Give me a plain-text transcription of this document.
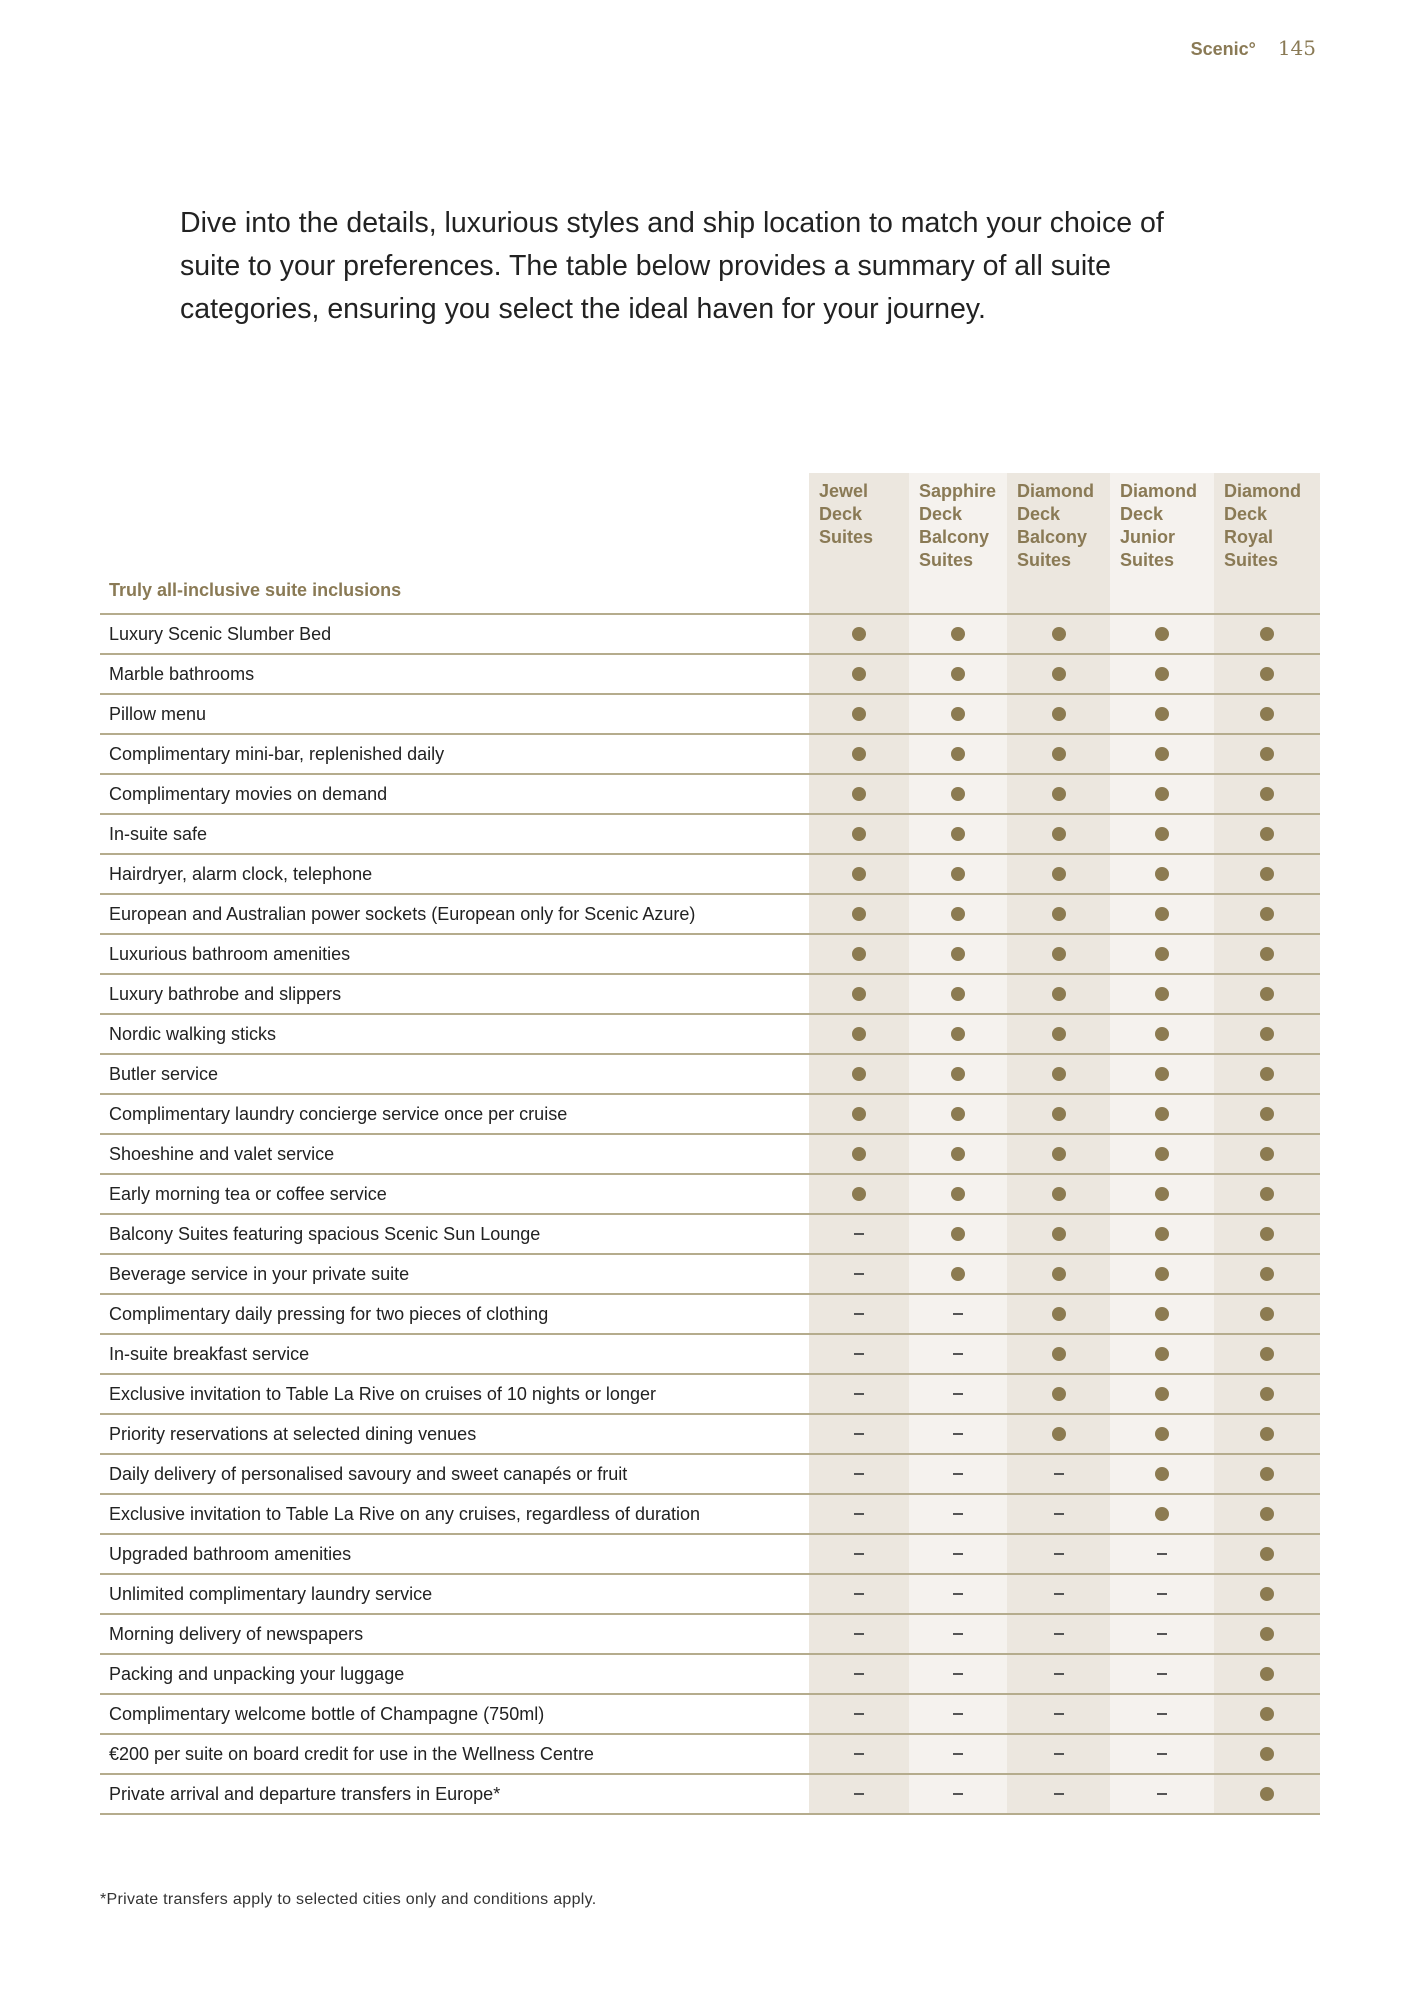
Scenic° 145

Dive into the details, luxurious styles and ship location to match your choice of suite to your preferences. The table below provides a summary of all suite categories, ensuring you select the ideal haven for your journey.

Truly all-inclusive suite inclusions
Jewel
Deck
Suites
Sapphire
Deck
Balcony
Suites
Diamond
Deck
Balcony
Suites
Diamond
Deck
Junior
Suites
Diamond
Deck
Royal
Suites
Luxury Scenic Slumber Bed
Marble bathrooms
Pillow menu
Complimentary mini-bar, replenished daily
Complimentary movies on demand
In-suite safe
Hairdryer, alarm clock, telephone
European and Australian power sockets (European only for Scenic Azure)
Luxurious bathroom amenities
Luxury bathrobe and slippers
Nordic walking sticks
Butler service
Complimentary laundry concierge service once per cruise
Shoeshine and valet service
Early morning tea or coffee service
Balcony Suites featuring spacious Scenic Sun Lounge
Beverage service in your private suite
Complimentary daily pressing for two pieces of clothing
In-suite breakfast service
Exclusive invitation to Table La Rive on cruises of 10 nights or longer
Priority reservations at selected dining venues
Daily delivery of personalised savoury and sweet canapés or fruit
Exclusive invitation to Table La Rive on any cruises, regardless of duration
Upgraded bathroom amenities
Unlimited complimentary laundry service
Morning delivery of newspapers
Packing and unpacking your luggage
Complimentary welcome bottle of Champagne (750ml)
€200 per suite on board credit for use in the Wellness Centre
Private arrival and departure transfers in Europe*
*Private transfers apply to selected cities only and conditions apply.
